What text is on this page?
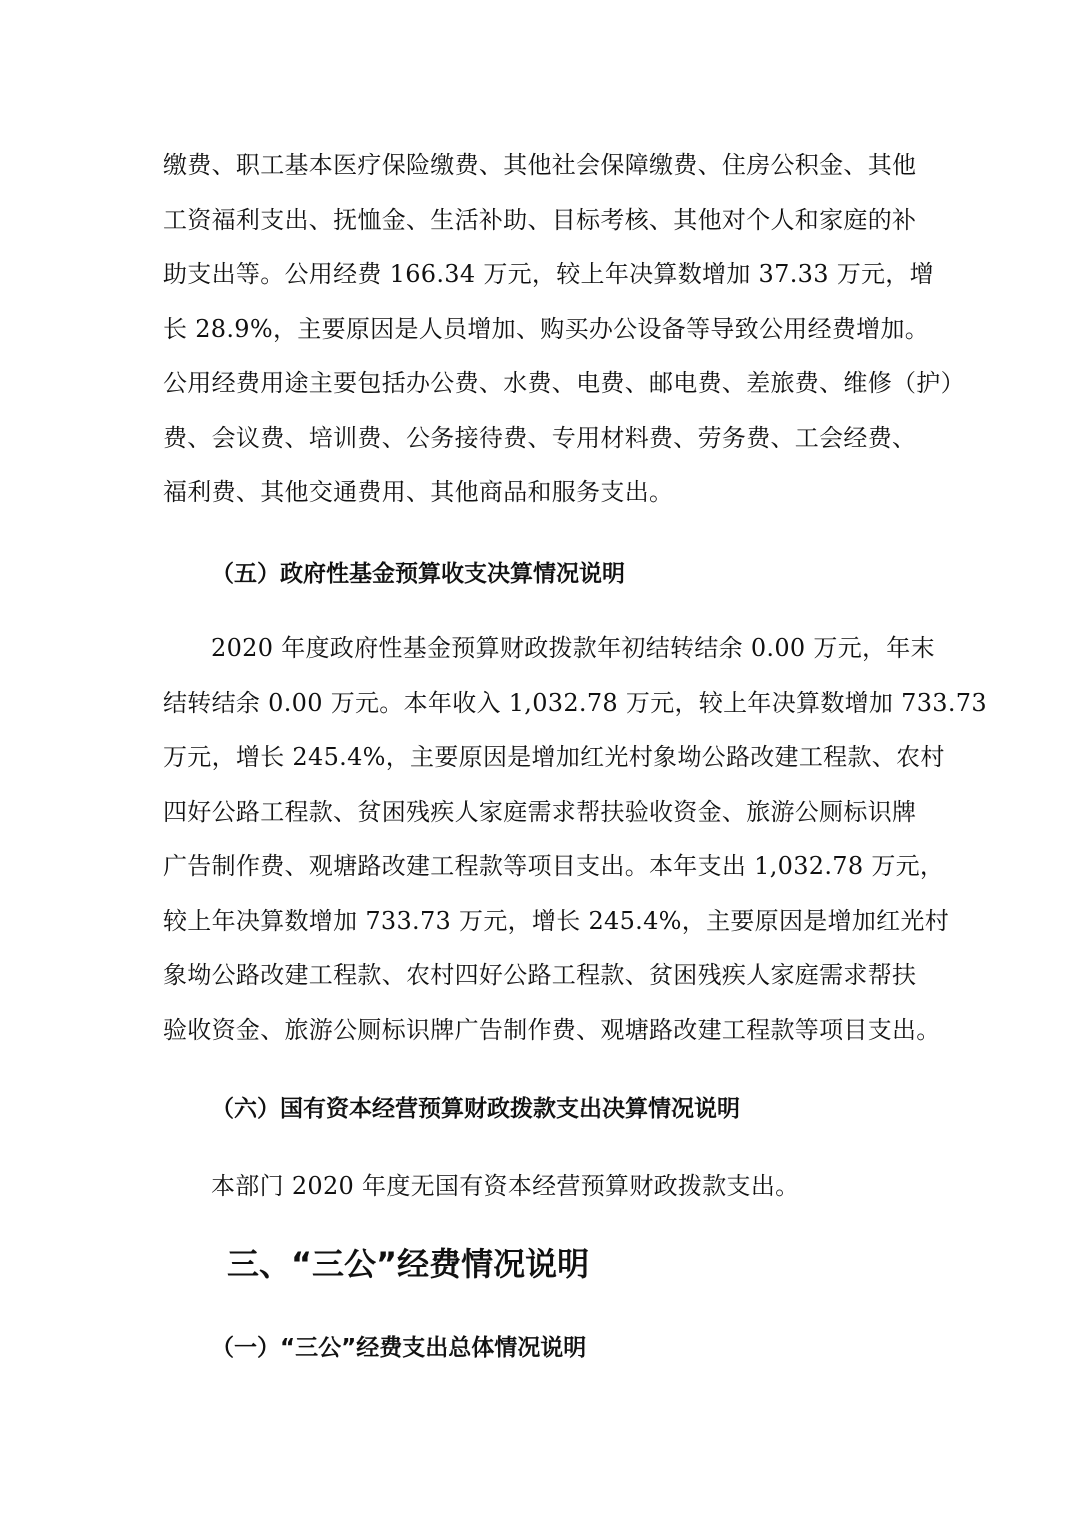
缴费、职工基本医疗保险缴费、其他社会保障缴费、住房公积金、其他
工资福利支出、抚恤金、生活补助、目标考核、其他对个人和家庭的补
助支出等。公用经费 166.34 万元，较上年决算数增加 37.33 万元，增
长 28.9%，主要原因是人员增加、购买办公设备等导致公用经费增加。
公用经费用途主要包括办公费、水费、电费、邮电费、差旅费、维修（护）
费、会议费、培训费、公务接待费、专用材料费、劳务费、工会经费、
福利费、其他交通费用、其他商品和服务支出。
（五）政府性基金预算收支决算情况说明
2020 年度政府性基金预算财政拨款年初结转结余 0.00 万元，年末
结转结余 0.00 万元。本年收入 1,032.78 万元，较上年决算数增加 733.73
万元，增长 245.4%，主要原因是增加红光村象坳公路改建工程款、农村
四好公路工程款、贫困残疾人家庭需求帮扶验收资金、旅游公厕标识牌
广告制作费、观塘路改建工程款等项目支出。本年支出 1,032.78 万元，
较上年决算数增加 733.73 万元，增长 245.4%，主要原因是增加红光村
象坳公路改建工程款、农村四好公路工程款、贫困残疾人家庭需求帮扶
验收资金、旅游公厕标识牌广告制作费、观塘路改建工程款等项目支出。
（六）国有资本经营预算财政拨款支出决算情况说明
本部门 2020 年度无国有资本经营预算财政拨款支出。
三、“三公”经费情况说明
（一）“三公”经费支出总体情况说明
